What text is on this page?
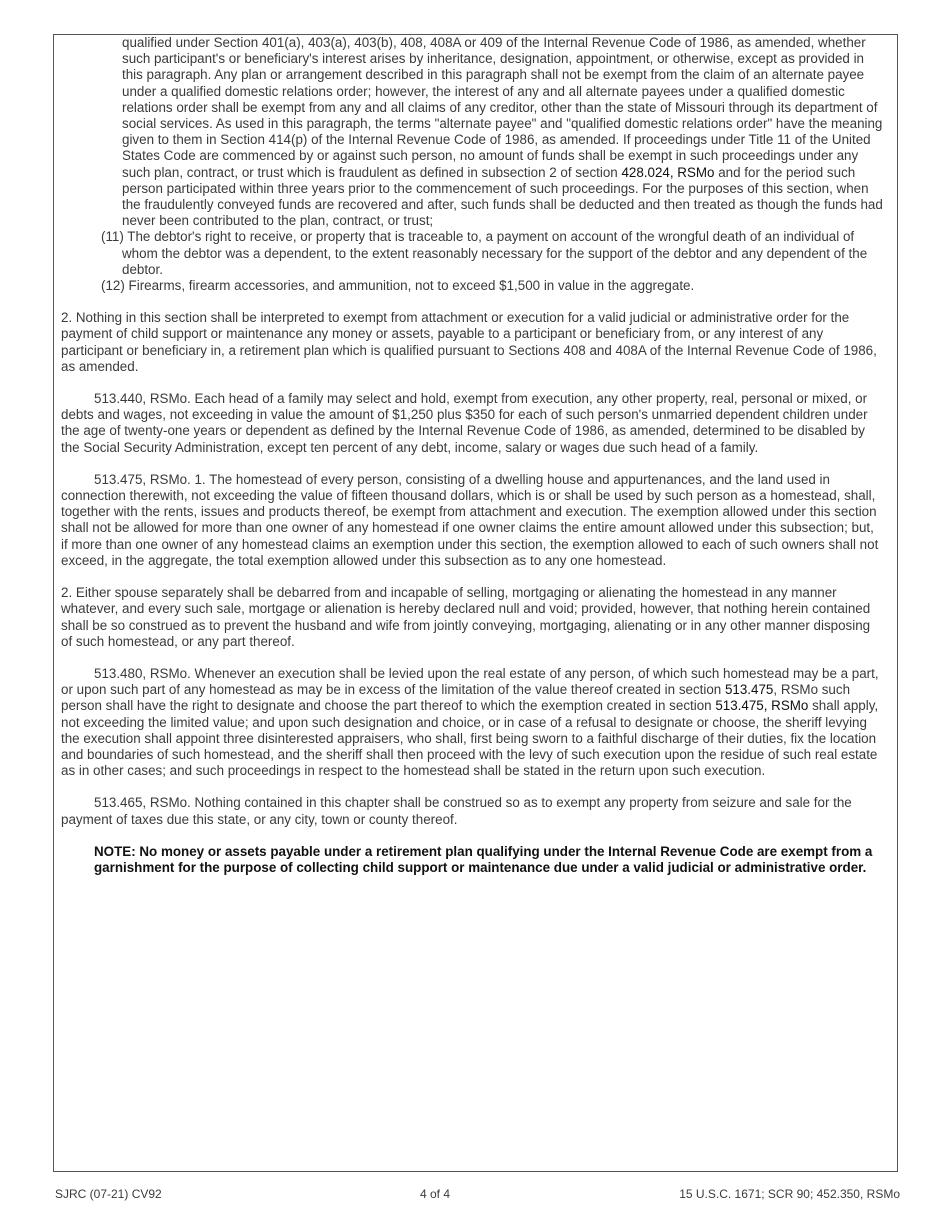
qualified under Section 401(a), 403(a), 403(b), 408, 408A or 409 of the Internal Revenue Code of 1986, as amended, whether such participant's or beneficiary's interest arises by inheritance, designation, appointment, or otherwise, except as provided in this paragraph. Any plan or arrangement described in this paragraph shall not be exempt from the claim of an alternate payee under a qualified domestic relations order; however, the interest of any and all alternate payees under a qualified domestic relations order shall be exempt from any and all claims of any creditor, other than the state of Missouri through its department of social services. As used in this paragraph, the terms "alternate payee" and "qualified domestic relations order" have the meaning given to them in Section 414(p) of the Internal Revenue Code of 1986, as amended. If proceedings under Title 11 of the United States Code are commenced by or against such person, no amount of funds shall be exempt in such proceedings under any such plan, contract, or trust which is fraudulent as defined in subsection 2 of section 428.024, RSMo and for the period such person participated within three years prior to the commencement of such proceedings. For the purposes of this section, when the fraudulently conveyed funds are recovered and after, such funds shall be deducted and then treated as though the funds had never been contributed to the plan, contract, or trust;

(11) The debtor's right to receive, or property that is traceable to, a payment on account of the wrongful death of an individual of whom the debtor was a dependent, to the extent reasonably necessary for the support of the debtor and any dependent of the debtor.

(12) Firearms, firearm accessories, and ammunition, not to exceed $1,500 in value in the aggregate.

2. Nothing in this section shall be interpreted to exempt from attachment or execution for a valid judicial or administrative order for the payment of child support or maintenance any money or assets, payable to a participant or beneficiary from, or any interest of any participant or beneficiary in, a retirement plan which is qualified pursuant to Sections 408 and 408A of the Internal Revenue Code of 1986, as amended.

513.440, RSMo. Each head of a family may select and hold, exempt from execution, any other property, real, personal or mixed, or debts and wages, not exceeding in value the amount of $1,250 plus $350 for each of such person's unmarried dependent children under the age of twenty-one years or dependent as defined by the Internal Revenue Code of 1986, as amended, determined to be disabled by the Social Security Administration, except ten percent of any debt, income, salary or wages due such head of a family.

513.475, RSMo. 1. The homestead of every person, consisting of a dwelling house and appurtenances, and the land used in connection therewith, not exceeding the value of fifteen thousand dollars, which is or shall be used by such person as a homestead, shall, together with the rents, issues and products thereof, be exempt from attachment and execution. The exemption allowed under this section shall not be allowed for more than one owner of any homestead if one owner claims the entire amount allowed under this subsection; but, if more than one owner of any homestead claims an exemption under this section, the exemption allowed to each of such owners shall not exceed, in the aggregate, the total exemption allowed under this subsection as to any one homestead.

2. Either spouse separately shall be debarred from and incapable of selling, mortgaging or alienating the homestead in any manner whatever, and every such sale, mortgage or alienation is hereby declared null and void; provided, however, that nothing herein contained shall be so construed as to prevent the husband and wife from jointly conveying, mortgaging, alienating or in any other manner disposing of such homestead, or any part thereof.

513.480, RSMo. Whenever an execution shall be levied upon the real estate of any person, of which such homestead may be a part, or upon such part of any homestead as may be in excess of the limitation of the value thereof created in section 513.475, RSMo such person shall have the right to designate and choose the part thereof to which the exemption created in section 513.475, RSMo shall apply, not exceeding the limited value; and upon such designation and choice, or in case of a refusal to designate or choose, the sheriff levying the execution shall appoint three disinterested appraisers, who shall, first being sworn to a faithful discharge of their duties, fix the location and boundaries of such homestead, and the sheriff shall then proceed with the levy of such execution upon the residue of such real estate as in other cases; and such proceedings in respect to the homestead shall be stated in the return upon such execution.

513.465, RSMo. Nothing contained in this chapter shall be construed so as to exempt any property from seizure and sale for the payment of taxes due this state, or any city, town or county thereof.

NOTE: No money or assets payable under a retirement plan qualifying under the Internal Revenue Code are exempt from a garnishment for the purpose of collecting child support or maintenance due under a valid judicial or administrative order.

SJRC (07-21) CV92	4 of 4	15 U.S.C. 1671; SCR 90; 452.350, RSMo
